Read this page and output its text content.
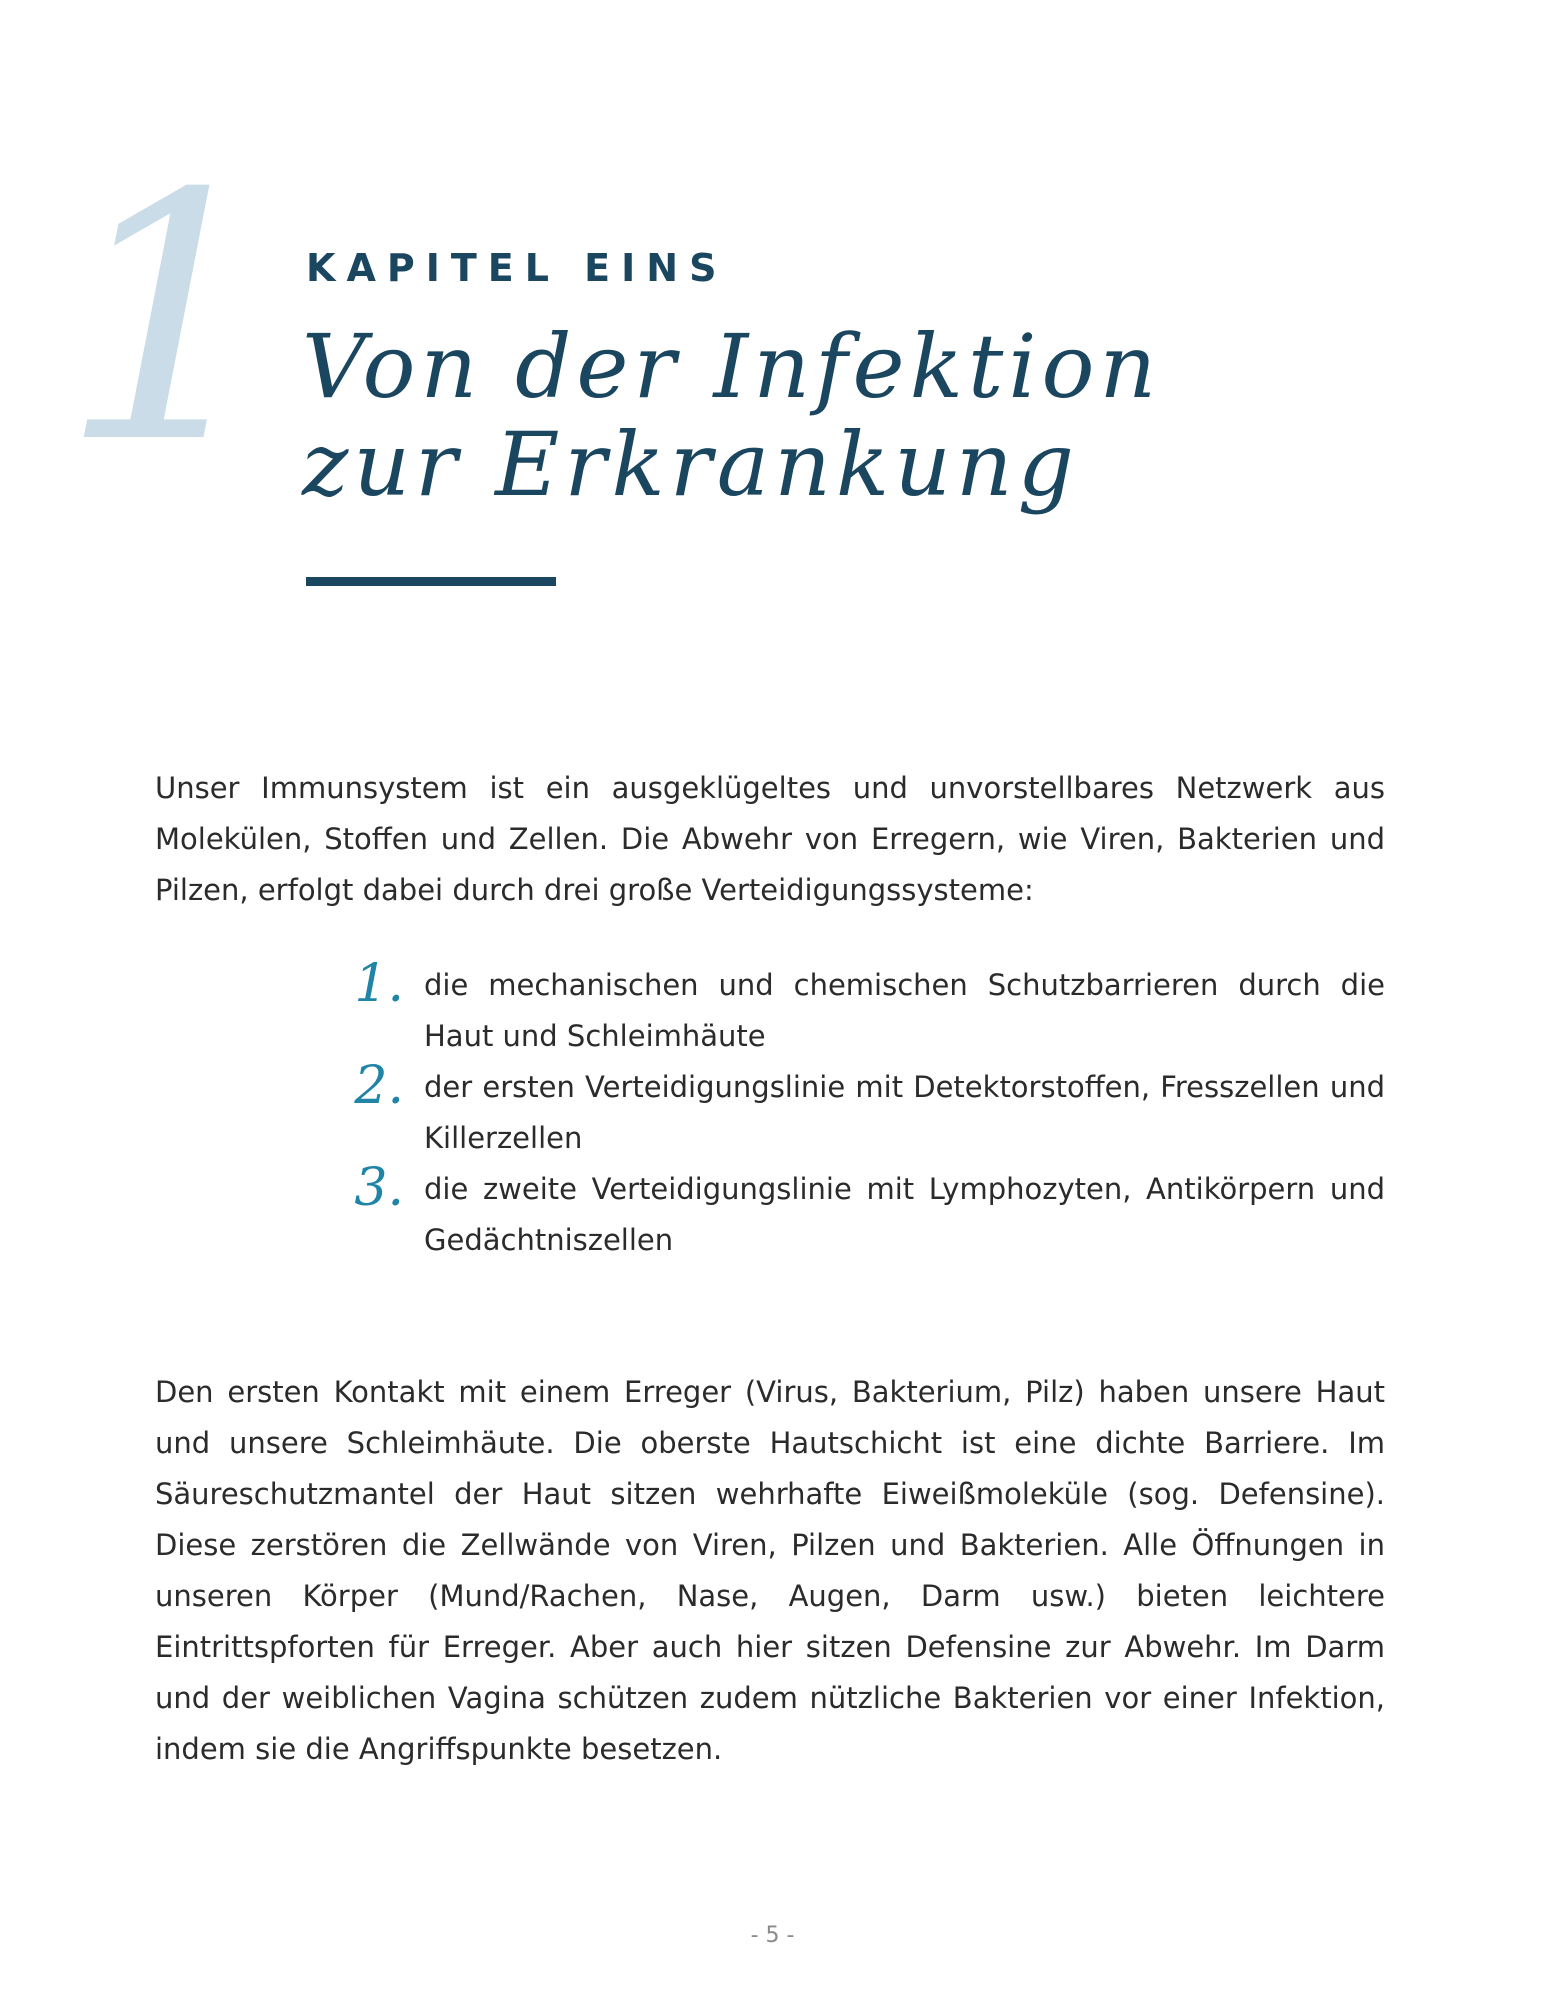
1 KAPITEL EINS
Von der Infektion zur Erkrankung

Unser Immunsystem ist ein ausgeklügeltes und unvorstellbares Netzwerk aus Molekülen, Stoffen und Zellen. Die Abwehr von Erregern, wie Viren, Bakterien und Pilzen, erfolgt dabei durch drei große Verteidigungssysteme:

1. die mechanischen und chemischen Schutzbarrieren durch die Haut und Schleimhäute
2. der ersten Verteidigungslinie mit Detektorstoffen, Fresszellen und Killerzellen
3. die zweite Verteidigungslinie mit Lymphozyten, Antikörpern und Gedächtniszellen

Den ersten Kontakt mit einem Erreger (Virus, Bakterium, Pilz) haben unsere Haut und unsere Schleimhäute. Die oberste Hautschicht ist eine dichte Barriere. Im Säureschutzmantel der Haut sitzen wehrhafte Eiweißmoleküle (sog. Defensine). Diese zerstören die Zellwände von Viren, Pilzen und Bakterien. Alle Öffnungen in unseren Körper (Mund/Rachen, Nase, Augen, Darm usw.) bieten leichtere Eintrittspforten für Erreger. Aber auch hier sitzen Defensine zur Abwehr. Im Darm und der weiblichen Vagina schützen zudem nützliche Bakterien vor einer Infektion, indem sie die Angriffspunkte besetzen.

- 5 -
